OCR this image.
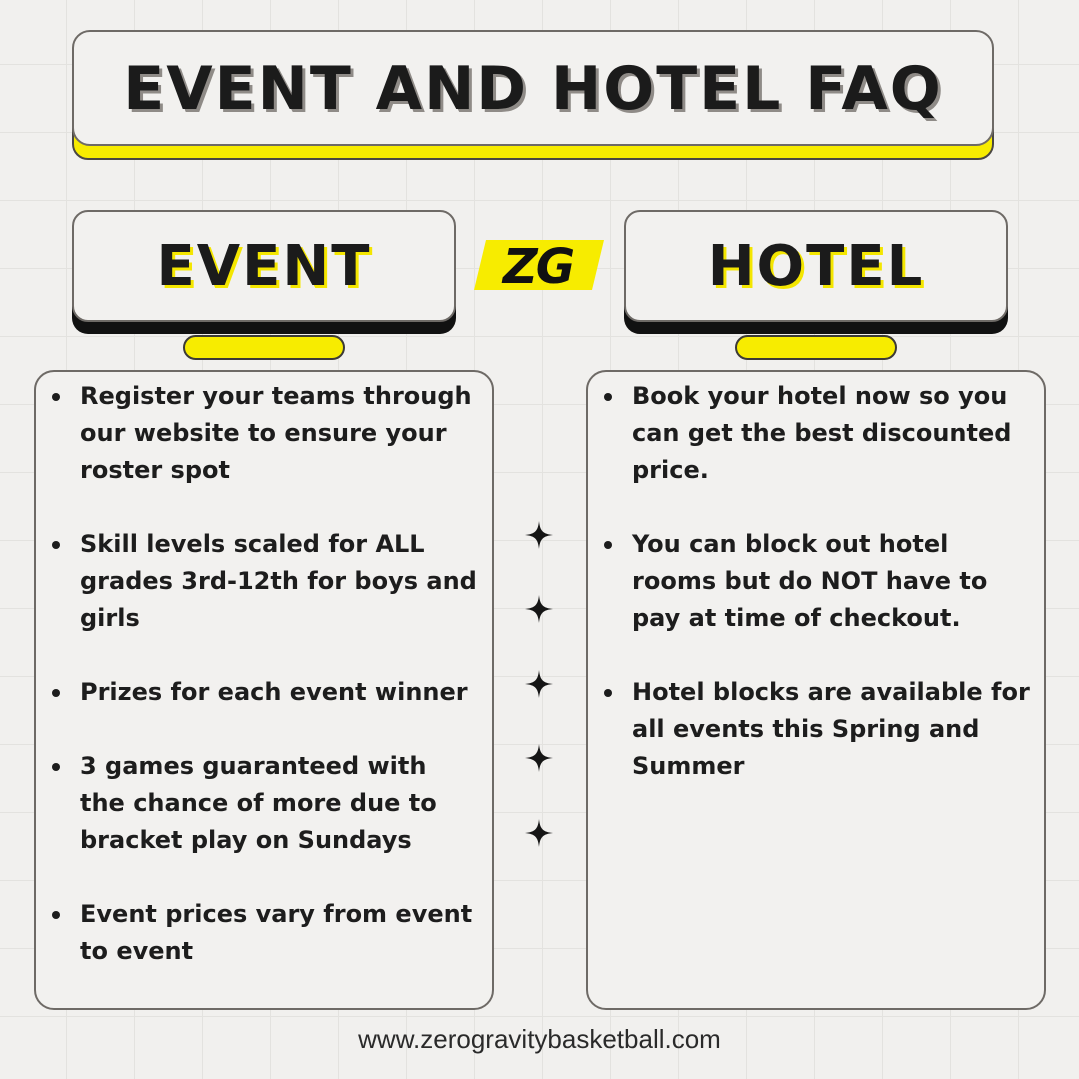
EVENT AND HOTEL FAQ
EVENT	ZG	HOTEL
Register your teams through our website to ensure your roster spot
Skill levels scaled for ALL grades 3rd-12th for boys and girls
Prizes for each event winner
3 games guaranteed with the chance of more due to bracket play on Sundays
Event prices vary from event to event
Book your hotel now so you can get the best discounted price.
You can block out hotel rooms but do NOT have to pay at time of checkout.
Hotel blocks are available for all events this Spring and Summer
www.zerogravitybasketball.com
